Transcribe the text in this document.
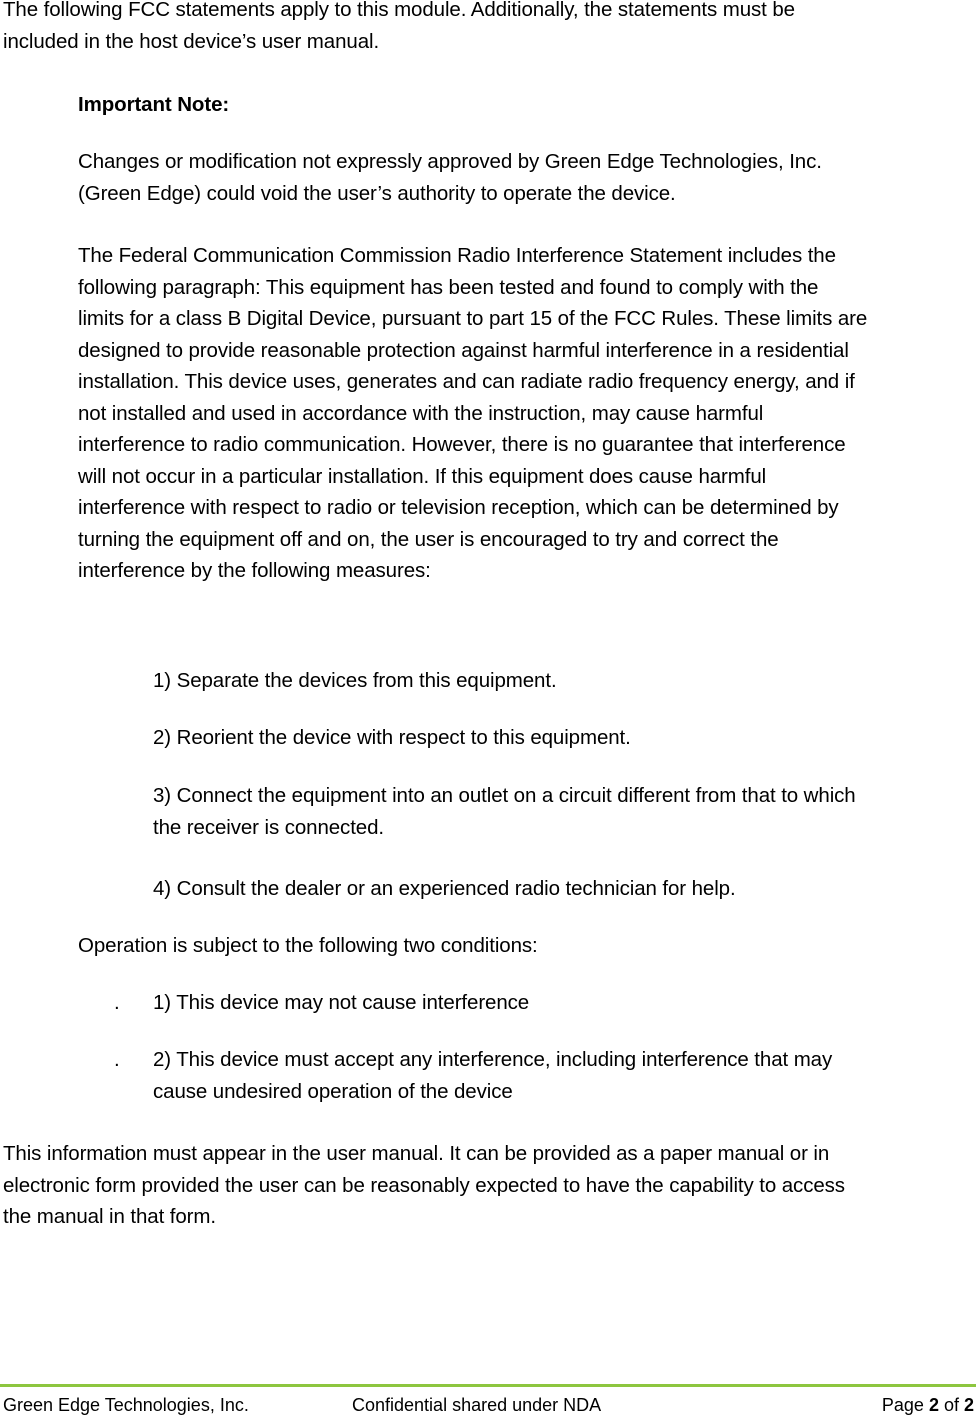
The following FCC statements apply to this module. Additionally, the statements must be
included in the host device’s user manual.

Important Note:

Changes or modification not expressly approved by Green Edge Technologies, Inc.
(Green Edge) could void the user’s authority to operate the device.

The Federal Communication Commission Radio Interference Statement includes the
following paragraph: This equipment has been tested and found to comply with the
limits for a class B Digital Device, pursuant to part 15 of the FCC Rules. These limits are
designed to provide reasonable protection against harmful interference in a residential
installation. This device uses, generates and can radiate radio frequency energy, and if
not installed and used in accordance with the instruction, may cause harmful
interference to radio communication. However, there is no guarantee that interference
will not occur in a particular installation. If this equipment does cause harmful
interference with respect to radio or television reception, which can be determined by
turning the equipment off and on, the user is encouraged to try and correct the
interference by the following measures:

1) Separate the devices from this equipment.

2) Reorient the device with respect to this equipment.

3) Connect the equipment into an outlet on a circuit different from that to which
the receiver is connected.

4) Consult the dealer or an experienced radio technician for help.

Operation is subject to the following two conditions:

. 1) This device may not cause interference

. 2) This device must accept any interference, including interference that may
cause undesired operation of the device

This information must appear in the user manual. It can be provided as a paper manual or in
electronic form provided the user can be reasonably expected to have the capability to access
the manual in that form.

Green Edge Technologies, Inc.	Confidential shared under NDA	Page 2 of 2
